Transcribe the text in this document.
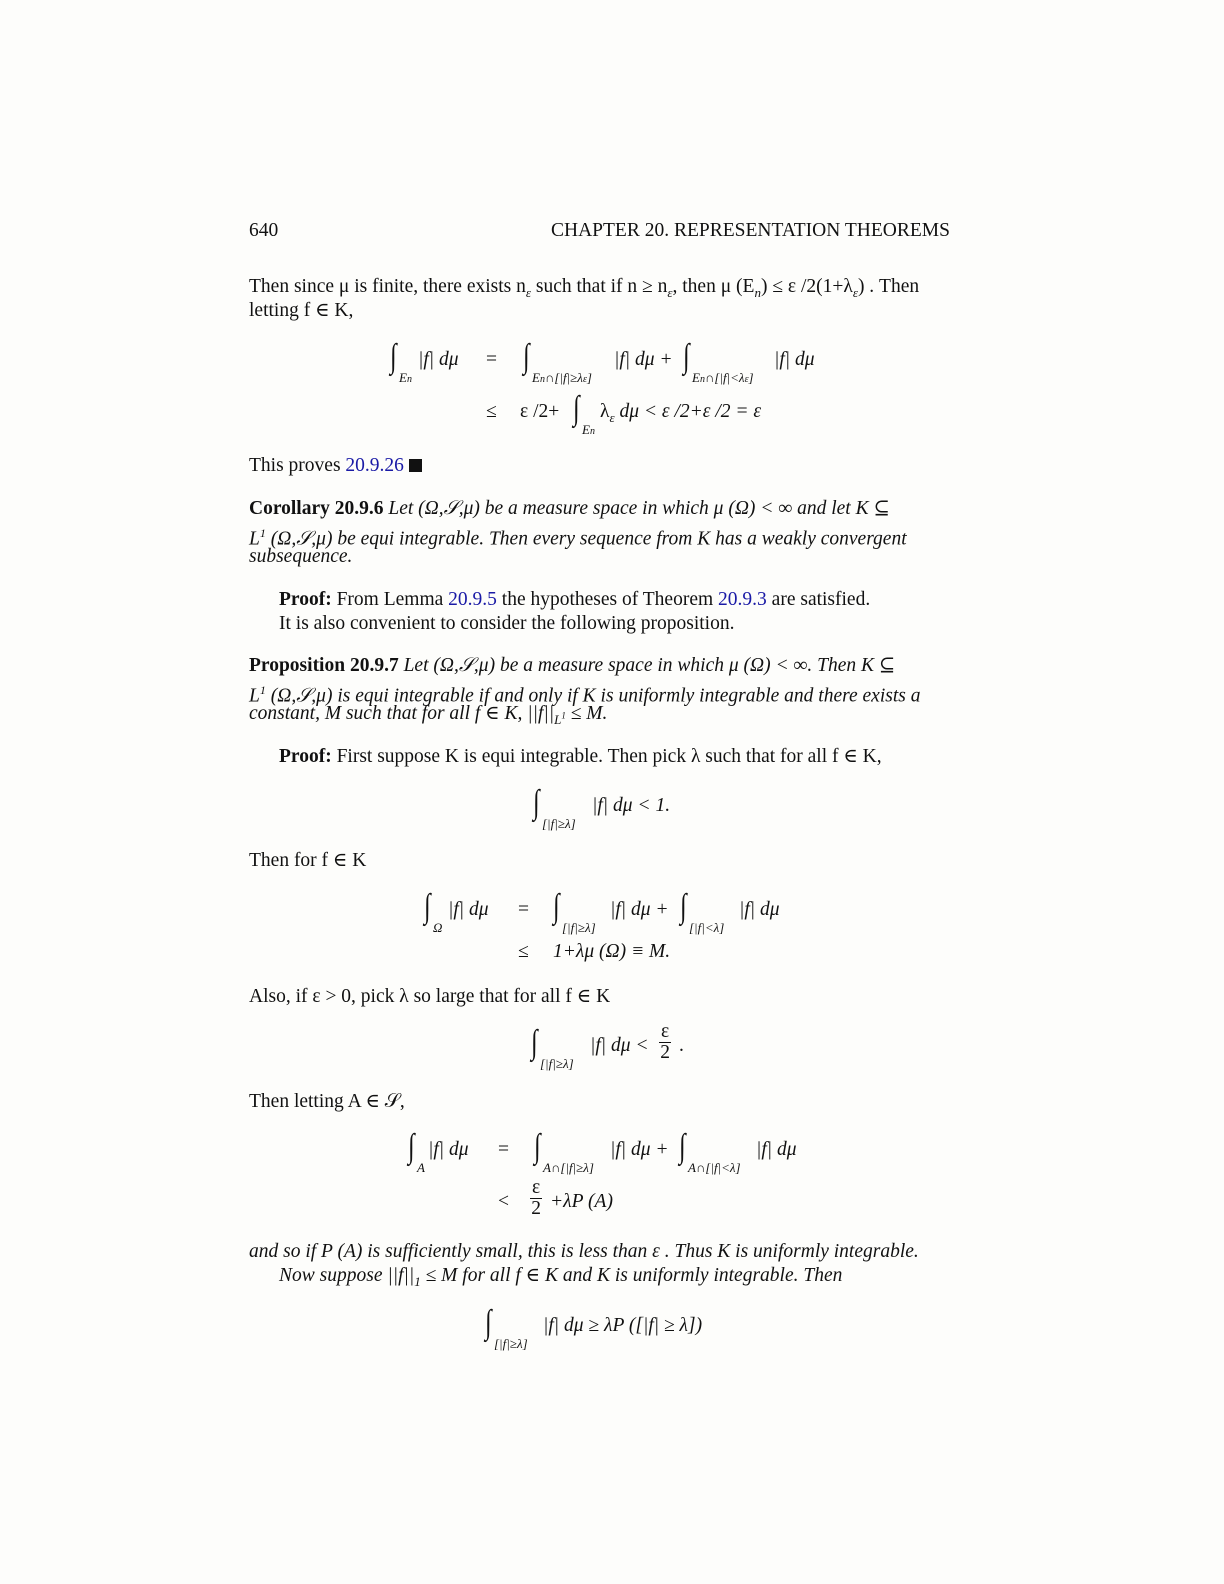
640	CHAPTER 20. REPRESENTATION THEOREMS
Then since μ is finite, there exists $n_\varepsilon$ such that if $n \ge n_\varepsilon$, then μ $(E_n) \le \varepsilon$ $/2(1+\lambda_\varepsilon)$ . Then
letting f ∈ K,
∫
En
|f| dμ = ∫
En∩[|f|≥λε]
|f| dμ + ∫
En∩[|f|<λε]
|f| dμ
≤ ε /2+ ∫
En
$\lambda_\varepsilon$ dμ < ε /2+ε /2 = ε
This proves 20.9.26
Corollary 20.9.6 Let (Ω,𝒮,μ) be a measure space in which μ (Ω) < ∞ and let K ⊆
$L^1$ (Ω,𝒮,μ) be equi integrable. Then every sequence from K has a weakly convergent
subsequence.
Proof: From Lemma 20.9.5 the hypotheses of Theorem 20.9.3 are satisfied.
It is also convenient to consider the following proposition.
Proposition 20.9.7 Let (Ω,𝒮,μ) be a measure space in which μ (Ω) < ∞. Then K ⊆
$L^1$ (Ω,𝒮,μ) is equi integrable if and only if K is uniformly integrable and there exists a
constant, M such that for all f ∈ K, $||f||_{L^1} \le M$.
Proof: First suppose K is equi integrable. Then pick λ such that for all f ∈ K,
∫
[|f|≥λ]
|f| dμ < 1.
Then for f ∈ K
∫
Ω
|f| dμ = ∫
[|f|≥λ]
|f| dμ + ∫
[|f|<λ]
|f| dμ
≤ 1+λμ (Ω) ≡ M.
Also, if ε > 0, pick λ so large that for all f ∈ K
∫
[|f|≥λ]
|f| $d\mu < \frac{\varepsilon}{2}$ .
Then letting A ∈ 𝒮,
∫
A
|f| dμ = ∫
A∩[|f|≥λ]
|f| dμ + ∫
A∩[|f|<λ]
|f| dμ
< $\frac{\varepsilon}{2} +\lambda P$ (A)
and so if P (A) is sufficiently small, this is less than ε . Thus K is uniformly integrable.
Now suppose $||f||_1 \le M$ for all f ∈ K and K is uniformly integrable. Then
∫
[|f|≥λ]
|f| dμ ≥ λP ([|f| ≥ λ])
